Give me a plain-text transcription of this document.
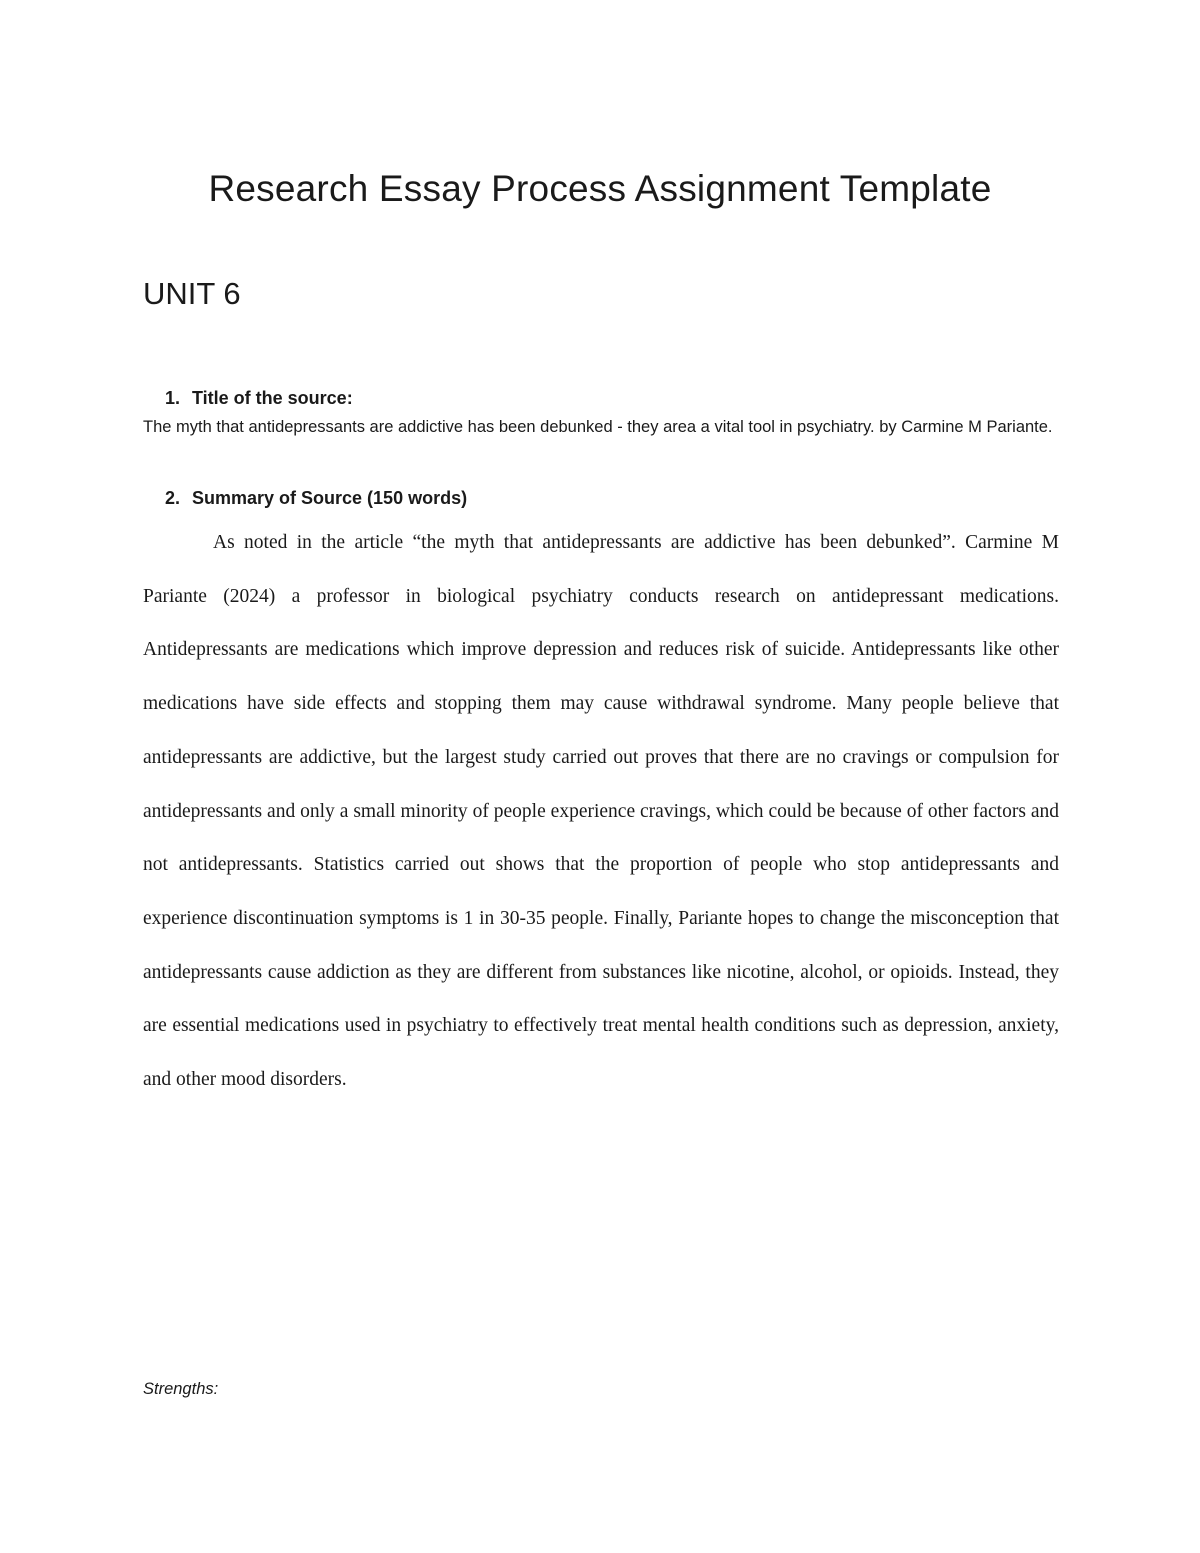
Research Essay Process Assignment Template
UNIT 6
1. Title of the source:

The myth that antidepressants are addictive has been debunked - they area a vital tool in psychiatry. by Carmine M Pariante.

2. Summary of Source (150 words)

As noted in the article “the myth that antidepressants are addictive has been debunked”. Carmine M Pariante (2024) a professor in biological psychiatry conducts research on antidepressant medications. Antidepressants are medications which improve depression and reduces risk of suicide. Antidepressants like other medications have side effects and stopping them may cause withdrawal syndrome. Many people believe that antidepressants are addictive, but the largest study carried out proves that there are no cravings or compulsion for antidepressants and only a small minority of people experience cravings, which could be because of other factors and not antidepressants. Statistics carried out shows that the proportion of people who stop antidepressants and experience discontinuation symptoms is 1 in 30-35 people. Finally, Pariante hopes to change the misconception that antidepressants cause addiction as they are different from substances like nicotine, alcohol, or opioids. Instead, they are essential medications used in psychiatry to effectively treat mental health conditions such as depression, anxiety, and other mood disorders.

Strengths:
